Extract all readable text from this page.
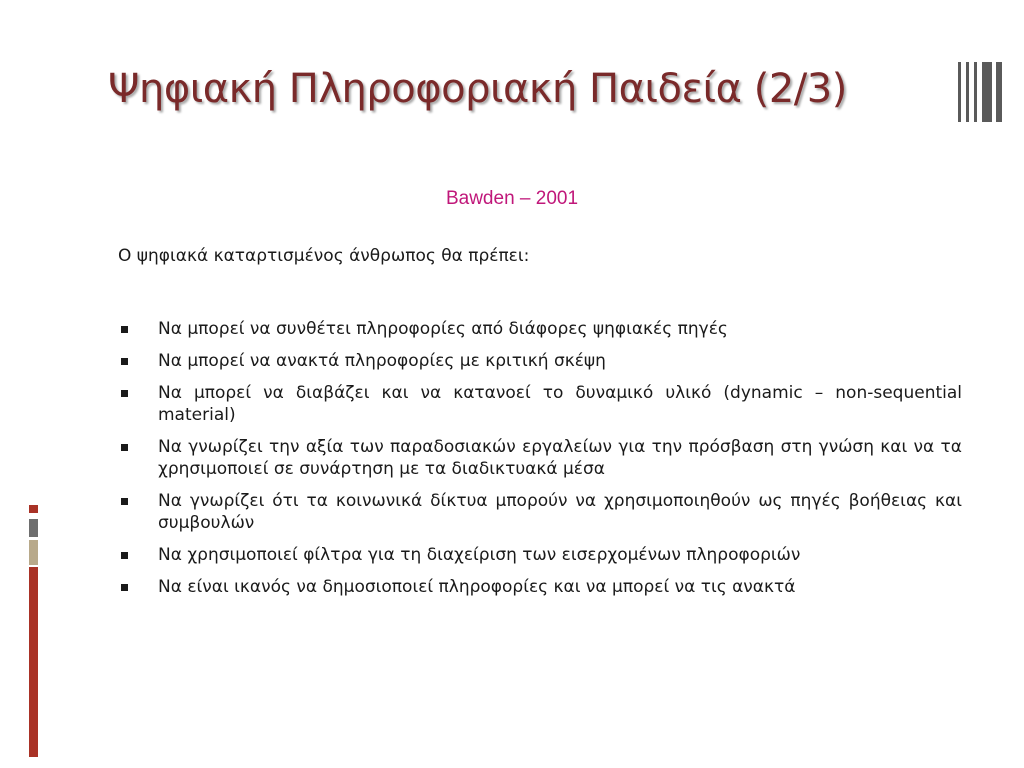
Ψηφιακή Πληροφοριακή Παιδεία (2/3)
Bawden – 2001
Ο ψηφιακά καταρτισμένος άνθρωπος θα πρέπει:
Να μπορεί να συνθέτει πληροφορίες από διάφορες ψηφιακές πηγές
Να μπορεί να ανακτά πληροφορίες με κριτική σκέψη
Να μπορεί να διαβάζει και να κατανοεί το δυναμικό υλικό (dynamic – non-sequential material)
Να γνωρίζει την αξία των παραδοσιακών εργαλείων για την πρόσβαση στη γνώση και να τα χρησιμοποιεί σε συνάρτηση με τα διαδικτυακά μέσα
Να γνωρίζει ότι τα κοινωνικά δίκτυα μπορούν να χρησιμοποιηθούν ως πηγές βοήθειας και συμβουλών
Να χρησιμοποιεί φίλτρα για τη διαχείριση των εισερχομένων πληροφοριών
Να είναι ικανός να δημοσιοποιεί πληροφορίες και να μπορεί να τις ανακτά
